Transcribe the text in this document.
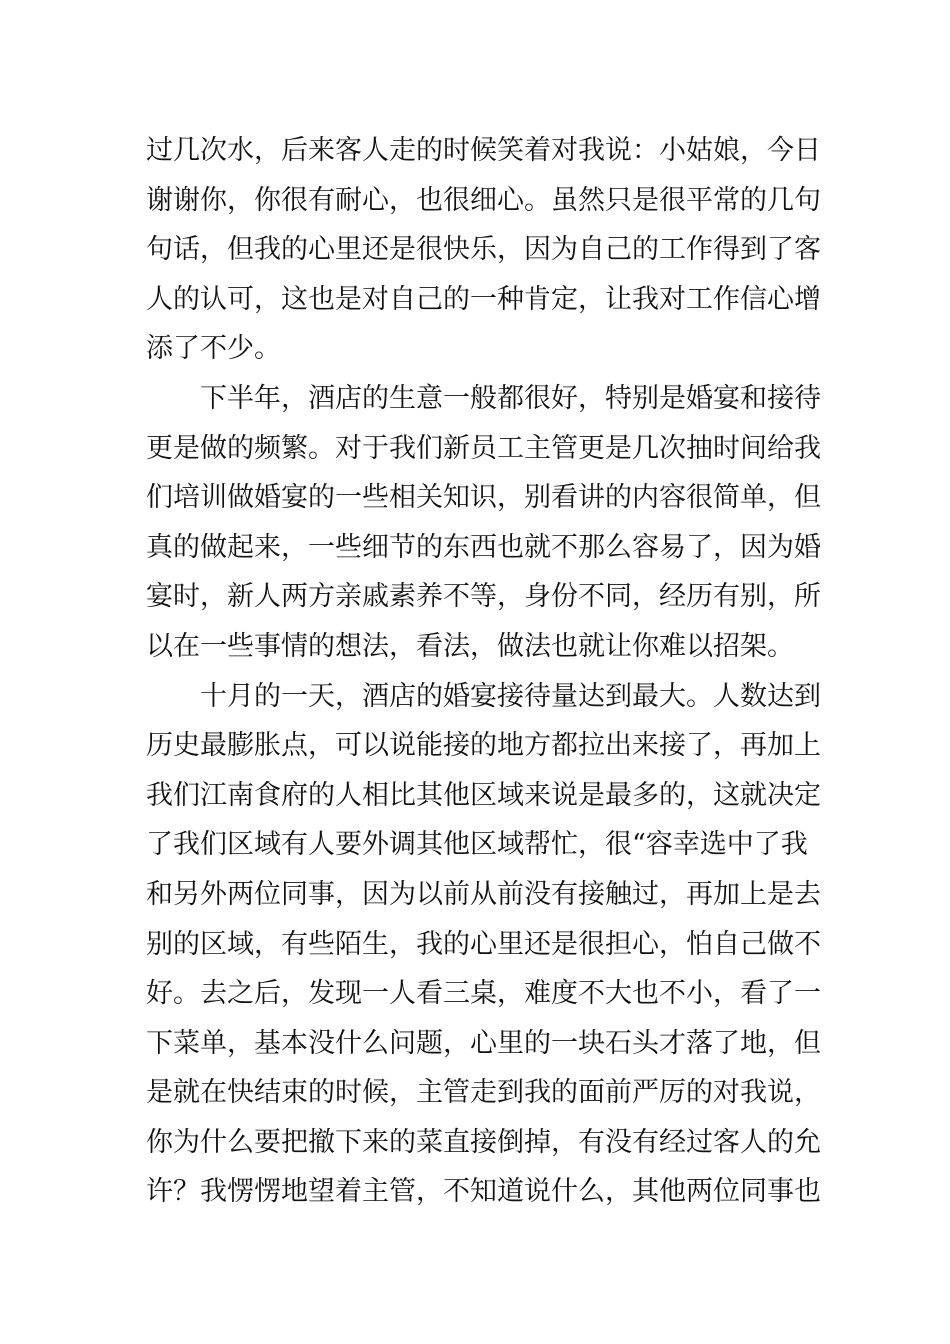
过几次水，后来客人走的时候笑着对我说：小姑娘，今日
谢谢你，你很有耐心，也很细心。虽然只是很平常的几句
句话，但我的心里还是很快乐，因为自己的工作得到了客
人的认可，这也是对自己的一种肯定，让我对工作信心增
添了不少。
下半年，酒店的生意一般都很好，特别是婚宴和接待
更是做的频繁。对于我们新员工主管更是几次抽时间给我
们培训做婚宴的一些相关知识，别看讲的内容很简单，但
真的做起来，一些细节的东西也就不那么容易了，因为婚
宴时，新人两方亲戚素养不等，身份不同，经历有别，所
以在一些事情的想法，看法，做法也就让你难以招架。
十月的一天，酒店的婚宴接待量达到最大。人数达到
历史最膨胀点，可以说能接的地方都拉出来接了，再加上
我们江南食府的人相比其他区域来说是最多的，这就决定
了我们区域有人要外调其他区域帮忙，很“容幸选中了我
和另外两位同事，因为以前从前没有接触过，再加上是去
别的区域，有些陌生，我的心里还是很担心，怕自己做不
好。去之后，发现一人看三桌，难度不大也不小，看了一
下菜单，基本没什么问题，心里的一块石头才落了地，但
是就在快结束的时候，主管走到我的面前严厉的对我说，
你为什么要把撤下来的菜直接倒掉，有没有经过客人的允
许？我愣愣地望着主管，不知道说什么，其他两位同事也
